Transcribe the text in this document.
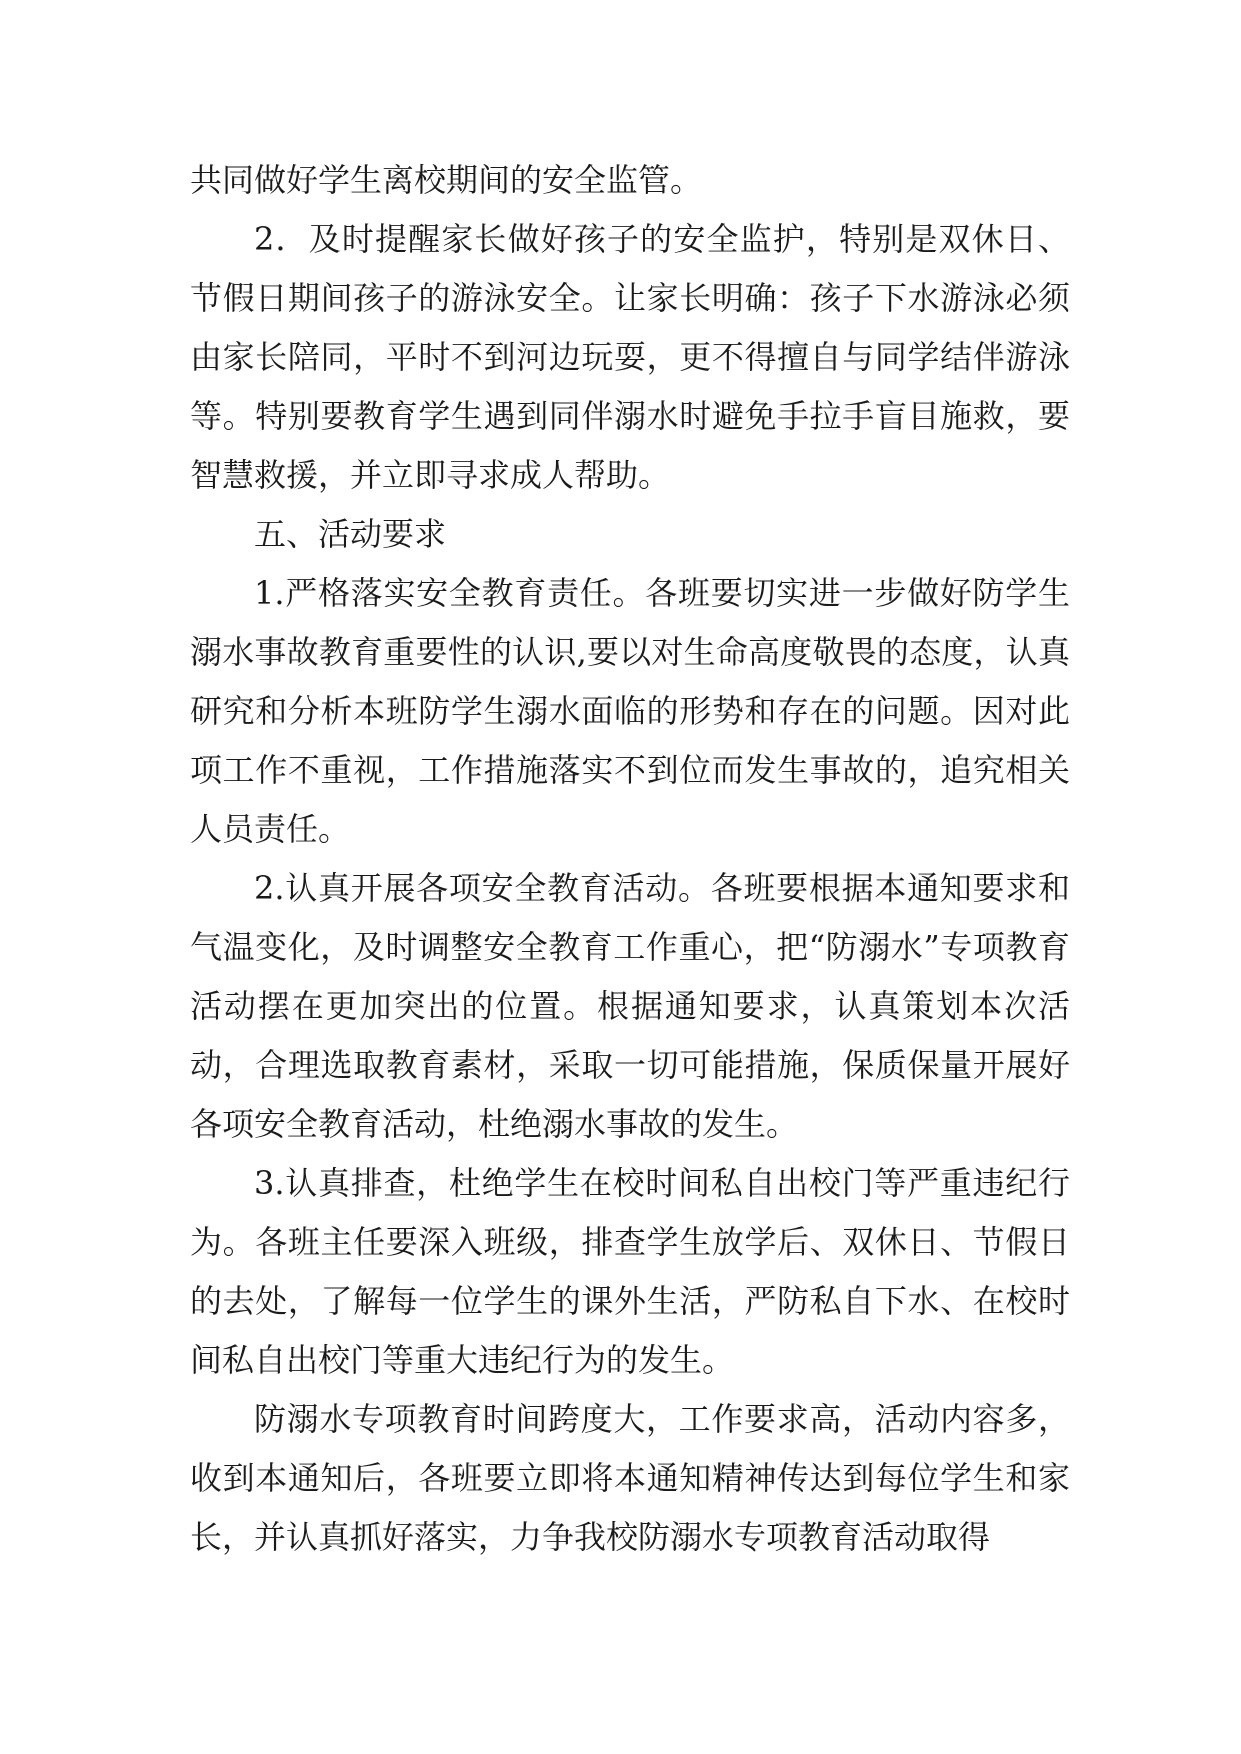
共同做好学生离校期间的安全监管。

2．及时提醒家长做好孩子的安全监护，特别是双休日、节假日期间孩子的游泳安全。让家长明确：孩子下水游泳必须由家长陪同，平时不到河边玩耍，更不得擅自与同学结伴游泳等。特别要教育学生遇到同伴溺水时避免手拉手盲目施救，要智慧救援，并立即寻求成人帮助。

五、活动要求

1.严格落实安全教育责任。各班要切实进一步做好防学生溺水事故教育重要性的认识,要以对生命高度敬畏的态度，认真研究和分析本班防学生溺水面临的形势和存在的问题。因对此项工作不重视，工作措施落实不到位而发生事故的，追究相关人员责任。

2.认真开展各项安全教育活动。各班要根据本通知要求和气温变化，及时调整安全教育工作重心，把“防溺水”专项教育活动摆在更加突出的位置。根据通知要求，认真策划本次活动，合理选取教育素材，采取一切可能措施，保质保量开展好各项安全教育活动，杜绝溺水事故的发生。

3.认真排查，杜绝学生在校时间私自出校门等严重违纪行为。各班主任要深入班级，排查学生放学后、双休日、节假日的去处，了解每一位学生的课外生活，严防私自下水、在校时间私自出校门等重大违纪行为的发生。

防溺水专项教育时间跨度大，工作要求高，活动内容多，收到本通知后，各班要立即将本通知精神传达到每位学生和家长，并认真抓好落实，力争我校防溺水专项教育活动取得
